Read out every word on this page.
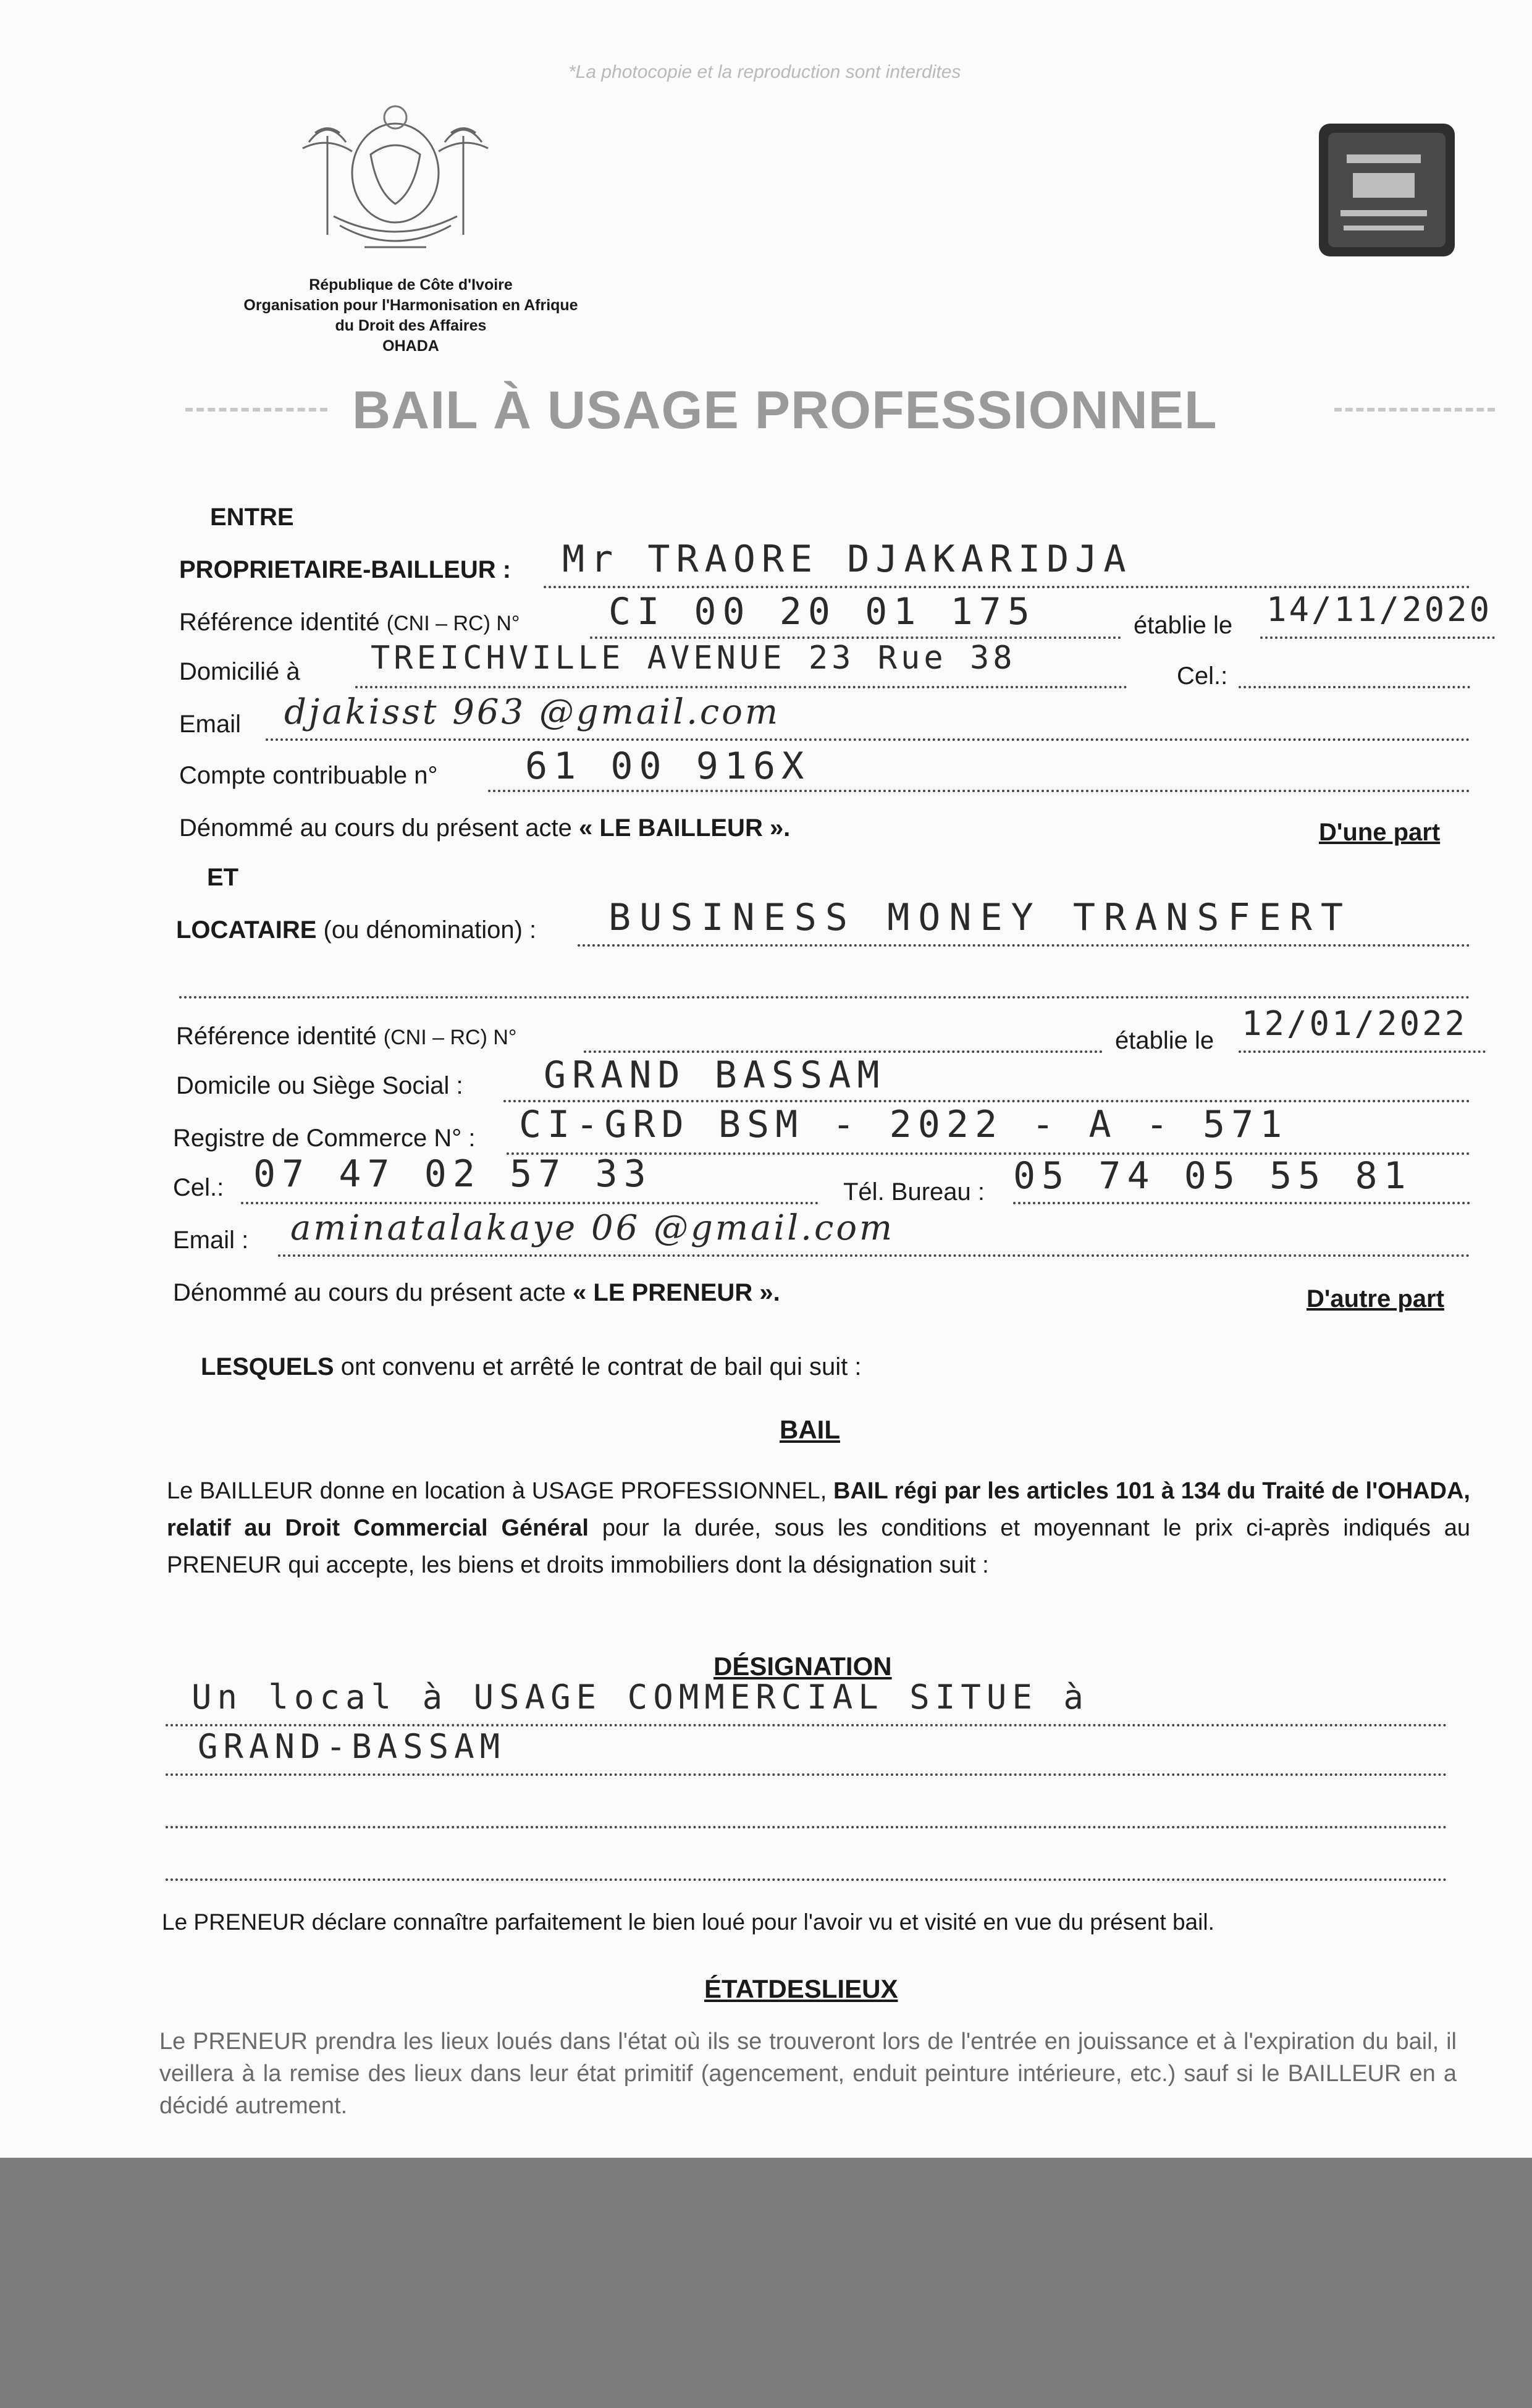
*La photocopie et la reproduction sont interdites
République de Côte d'Ivoire
Organisation pour l'Harmonisation en Afrique
du Droit des Affaires
OHADA
BAIL À USAGE PROFESSIONNEL
ENTRE
PROPRIETAIRE-BAILLEUR : Mr TRAORE DJAKARIDJA
Référence identité (CNI – RC) N° CI 00 20 01 175	établie le 14/11/2020
Domicilié à TREICHVILLE AVENUE 23 Rue 38	Cel.:
Email djakisst 963 @gmail.com
Compte contribuable n° 61 00 916X
Dénommé au cours du présent acte « LE BAILLEUR ».	D'une part
ET
LOCATAIRE (ou dénomination) : BUSINESS MONEY TRANSFERT
Référence identité (CNI – RC) N°	établie le 12/01/2022
Domicile ou Siège Social : GRAND BASSAM
Registre de Commerce N° : CI-GRD BSM - 2022 - A - 571
Cel.: 07 47 02 57 33	Tél. Bureau : 05 74 05 55 81
Email : aminatalakaye 06 @gmail.com
Dénommé au cours du présent acte « LE PRENEUR ».	D'autre part
LESQUELS ont convenu et arrêté le contrat de bail qui suit :
BAIL
Le BAILLEUR donne en location à USAGE PROFESSIONNEL, BAIL régi par les articles 101 à 134 du Traité de l'OHADA, relatif au Droit Commercial Général pour la durée, sous les conditions et moyennant le prix ci-après indiqués au PRENEUR qui accepte, les biens et droits immobiliers dont la désignation suit :
DÉSIGNATION
Un local à USAGE COMMERCIAL SITUE à
GRAND-BASSAM
Le PRENEUR déclare connaître parfaitement le bien loué pour l'avoir vu et visité en vue du présent bail.
ÉTATDESLIEUX
Le PRENEUR prendra les lieux loués dans l'état où ils se trouveront lors de l'entrée en jouissance et à l'expiration du bail, il veillera à la remise des lieux dans leur état primitif (agencement, enduit peinture intérieure, etc.) sauf si le BAILLEUR en a décidé autrement.
